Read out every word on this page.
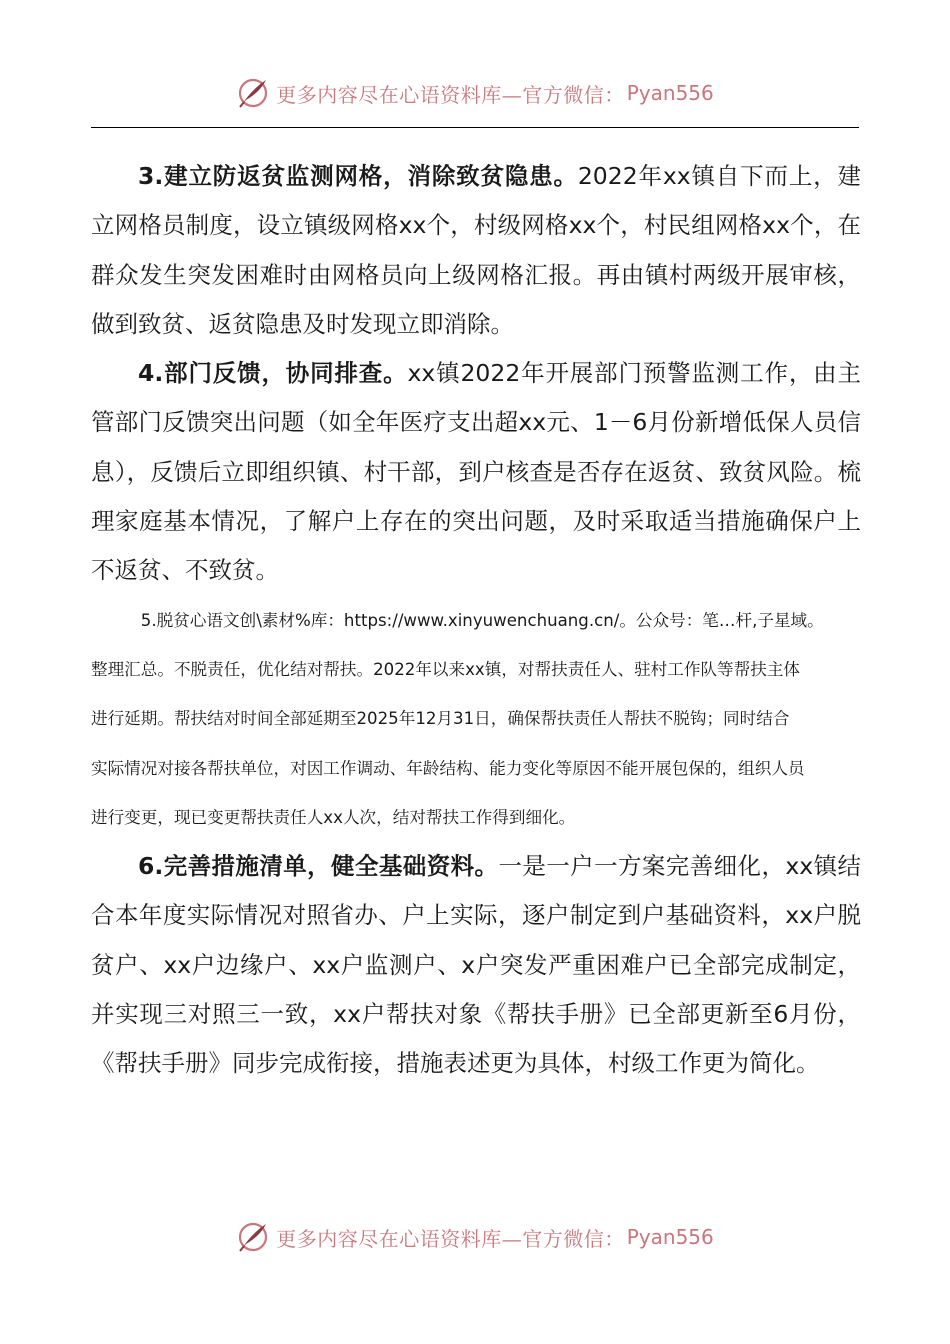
更多内容尽在心语资料库—官方微信： Pyan556

3.建立防返贫监测网格，消除致贫隐患。2022年xx镇自下而上，建立网格员制度，设立镇级网格xx个，村级网格xx个，村民组网格xx个，在群众发生突发困难时由网格员向上级网格汇报。再由镇村两级开展审核，做到致贫、返贫隐患及时发现立即消除。

4.部门反馈，协同排查。xx镇2022年开展部门预警监测工作，由主管部门反馈突出问题（如全年医疗支出超xx元、1－6月份新增低保人员信息），反馈后立即组织镇、村干部，到户核查是否存在返贫、致贫风险。梳理家庭基本情况，了解户上存在的突出问题，及时采取适当措施确保户上不返贫、不致贫。

5.脱贫心语文创\素材%库：https://www.xinyuwenchuang.cn/。公众号：笔…杆,子星域。

整理汇总。不脱责任，优化结对帮扶。2022年以来xx镇，对帮扶责任人、驻村工作队等帮扶主体

进行延期。帮扶结对时间全部延期至2025年12月31日，确保帮扶责任人帮扶不脱钩；同时结合

实际情况对接各帮扶单位，对因工作调动、年龄结构、能力变化等原因不能开展包保的，组织人员

进行变更，现已变更帮扶责任人xx人次，结对帮扶工作得到细化。

6.完善措施清单，健全基础资料。一是一户一方案完善细化，xx镇结合本年度实际情况对照省办、户上实际，逐户制定到户基础资料，xx户脱贫户、xx户边缘户、xx户监测户、x户突发严重困难户已全部完成制定，并实现三对照三一致，xx户帮扶对象《帮扶手册》已全部更新至6月份，《帮扶手册》同步完成衔接，措施表述更为具体，村级工作更为简化。

更多内容尽在心语资料库—官方微信： Pyan556
